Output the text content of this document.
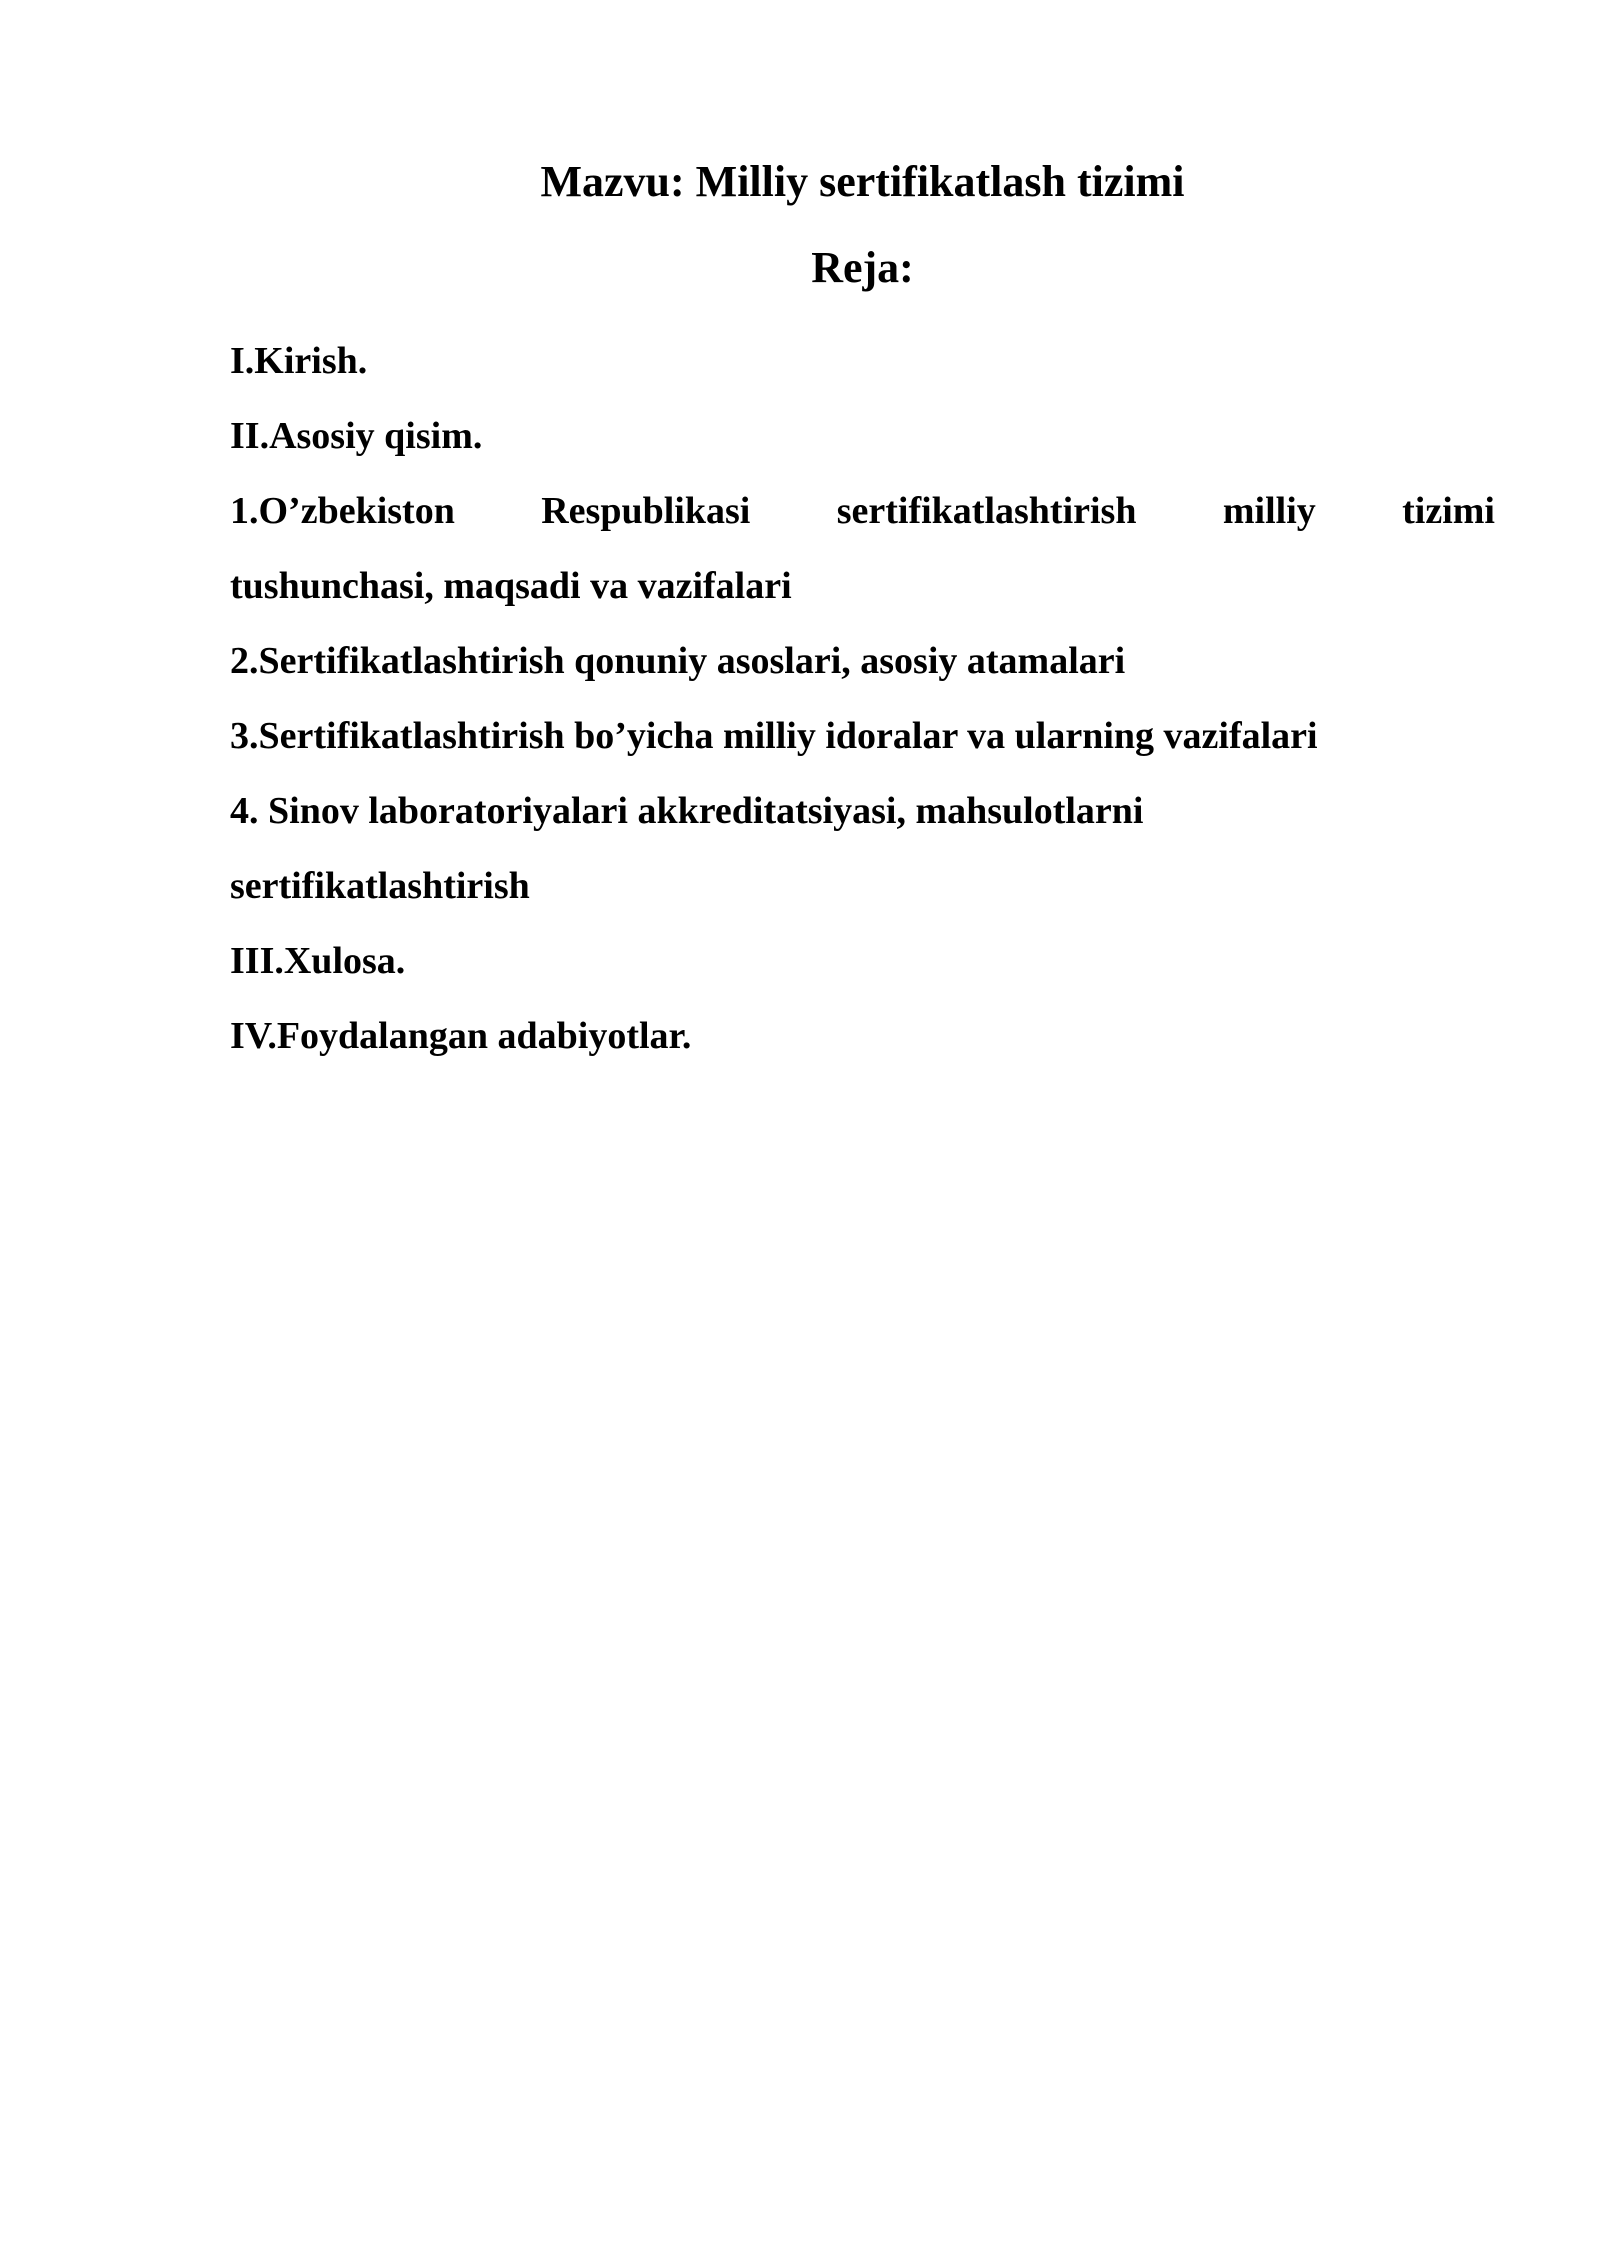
Mazvu: Milliy sertifikatlash tizimi
Reja:

I.Kirish.

II.Asosiy qisim.

1.O’zbekiston Respublikasi sertifikatlashtirish milliy tizimi

tushunchasi, maqsadi va vazifalari

2.Sertifikatlashtirish qonuniy asoslari, asosiy atamalari

3.Sertifikatlashtirish bo’yicha milliy idoralar va ularning vazifalari

4. Sinov laboratoriyalari akkreditatsiyasi, mahsulotlarni

sertifikatlashtirish

III.Xulosa.

IV.Foydalangan adabiyotlar.
